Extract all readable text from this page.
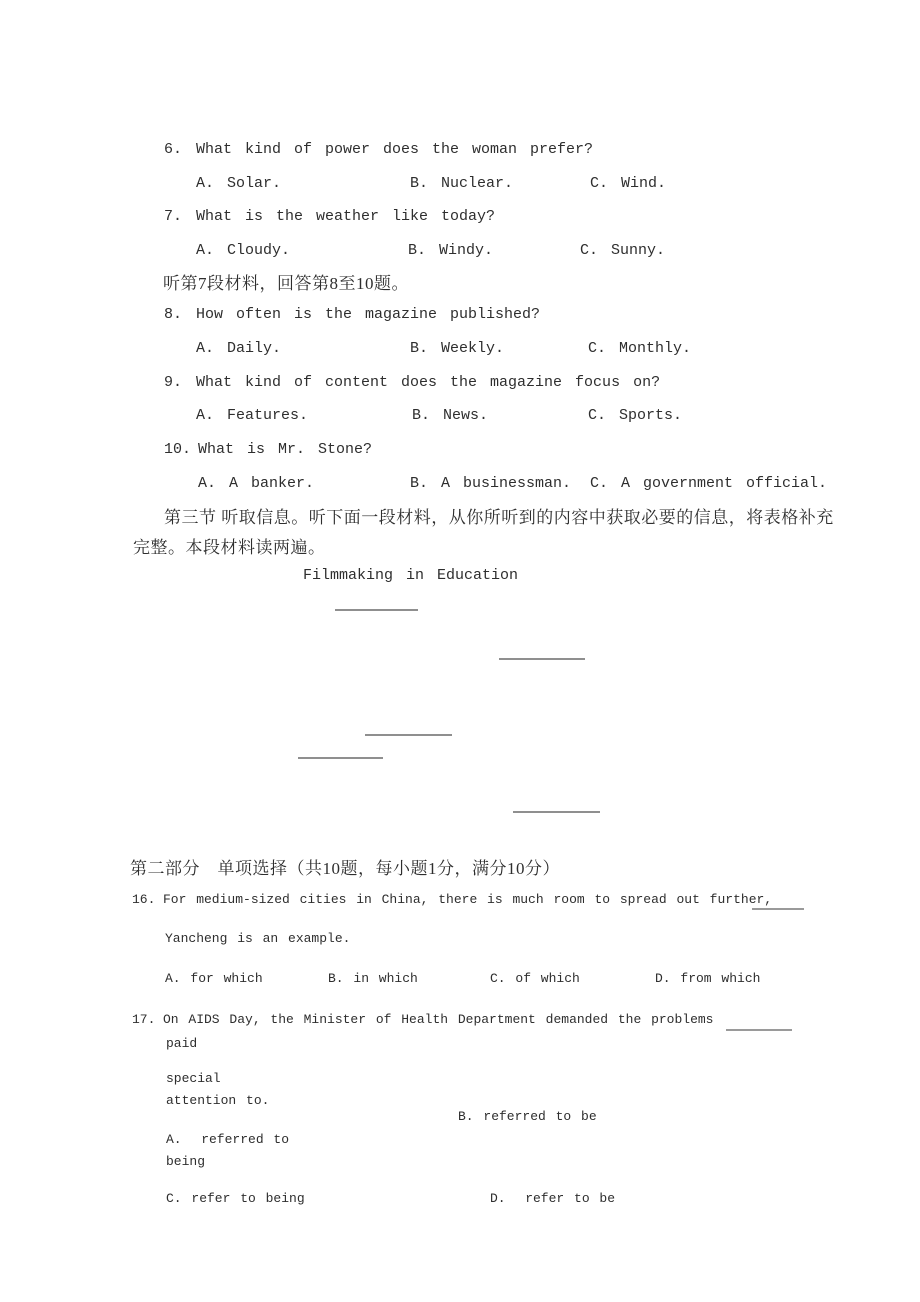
6. What kind of power does the woman prefer?
A. Solar.	B. Nuclear.	C. Wind.
7. What is the weather like today?
A. Cloudy.	B. Windy.	C. Sunny.
听第7段材料，回答第8至10题。
8. How often is the magazine published?
A. Daily.	B. Weekly.	C. Monthly.
9. What kind of content does the magazine focus on?
A. Features.	B. News.	C. Sports.
10. What is Mr. Stone?
A. A banker.	B. A businessman. C. A government official.
第三节 听取信息。听下面一段材料，从你所听到的内容中获取必要的信息，将表格补充
完整。本段材料读两遍。
Filmmaking in Education
第二部分　单项选择（共10题，每小题1分，满分10分）
16. For medium-sized cities in China, there is much room to spread out further,
Yancheng is an example.
A. for which	B. in which	C. of which	D. from which
17. On AIDS Day, the Minister of Health Department demanded the problems
paid
special
attention to.
B. referred to be
A.  referred to
being
C. refer to being	D.  refer to be
